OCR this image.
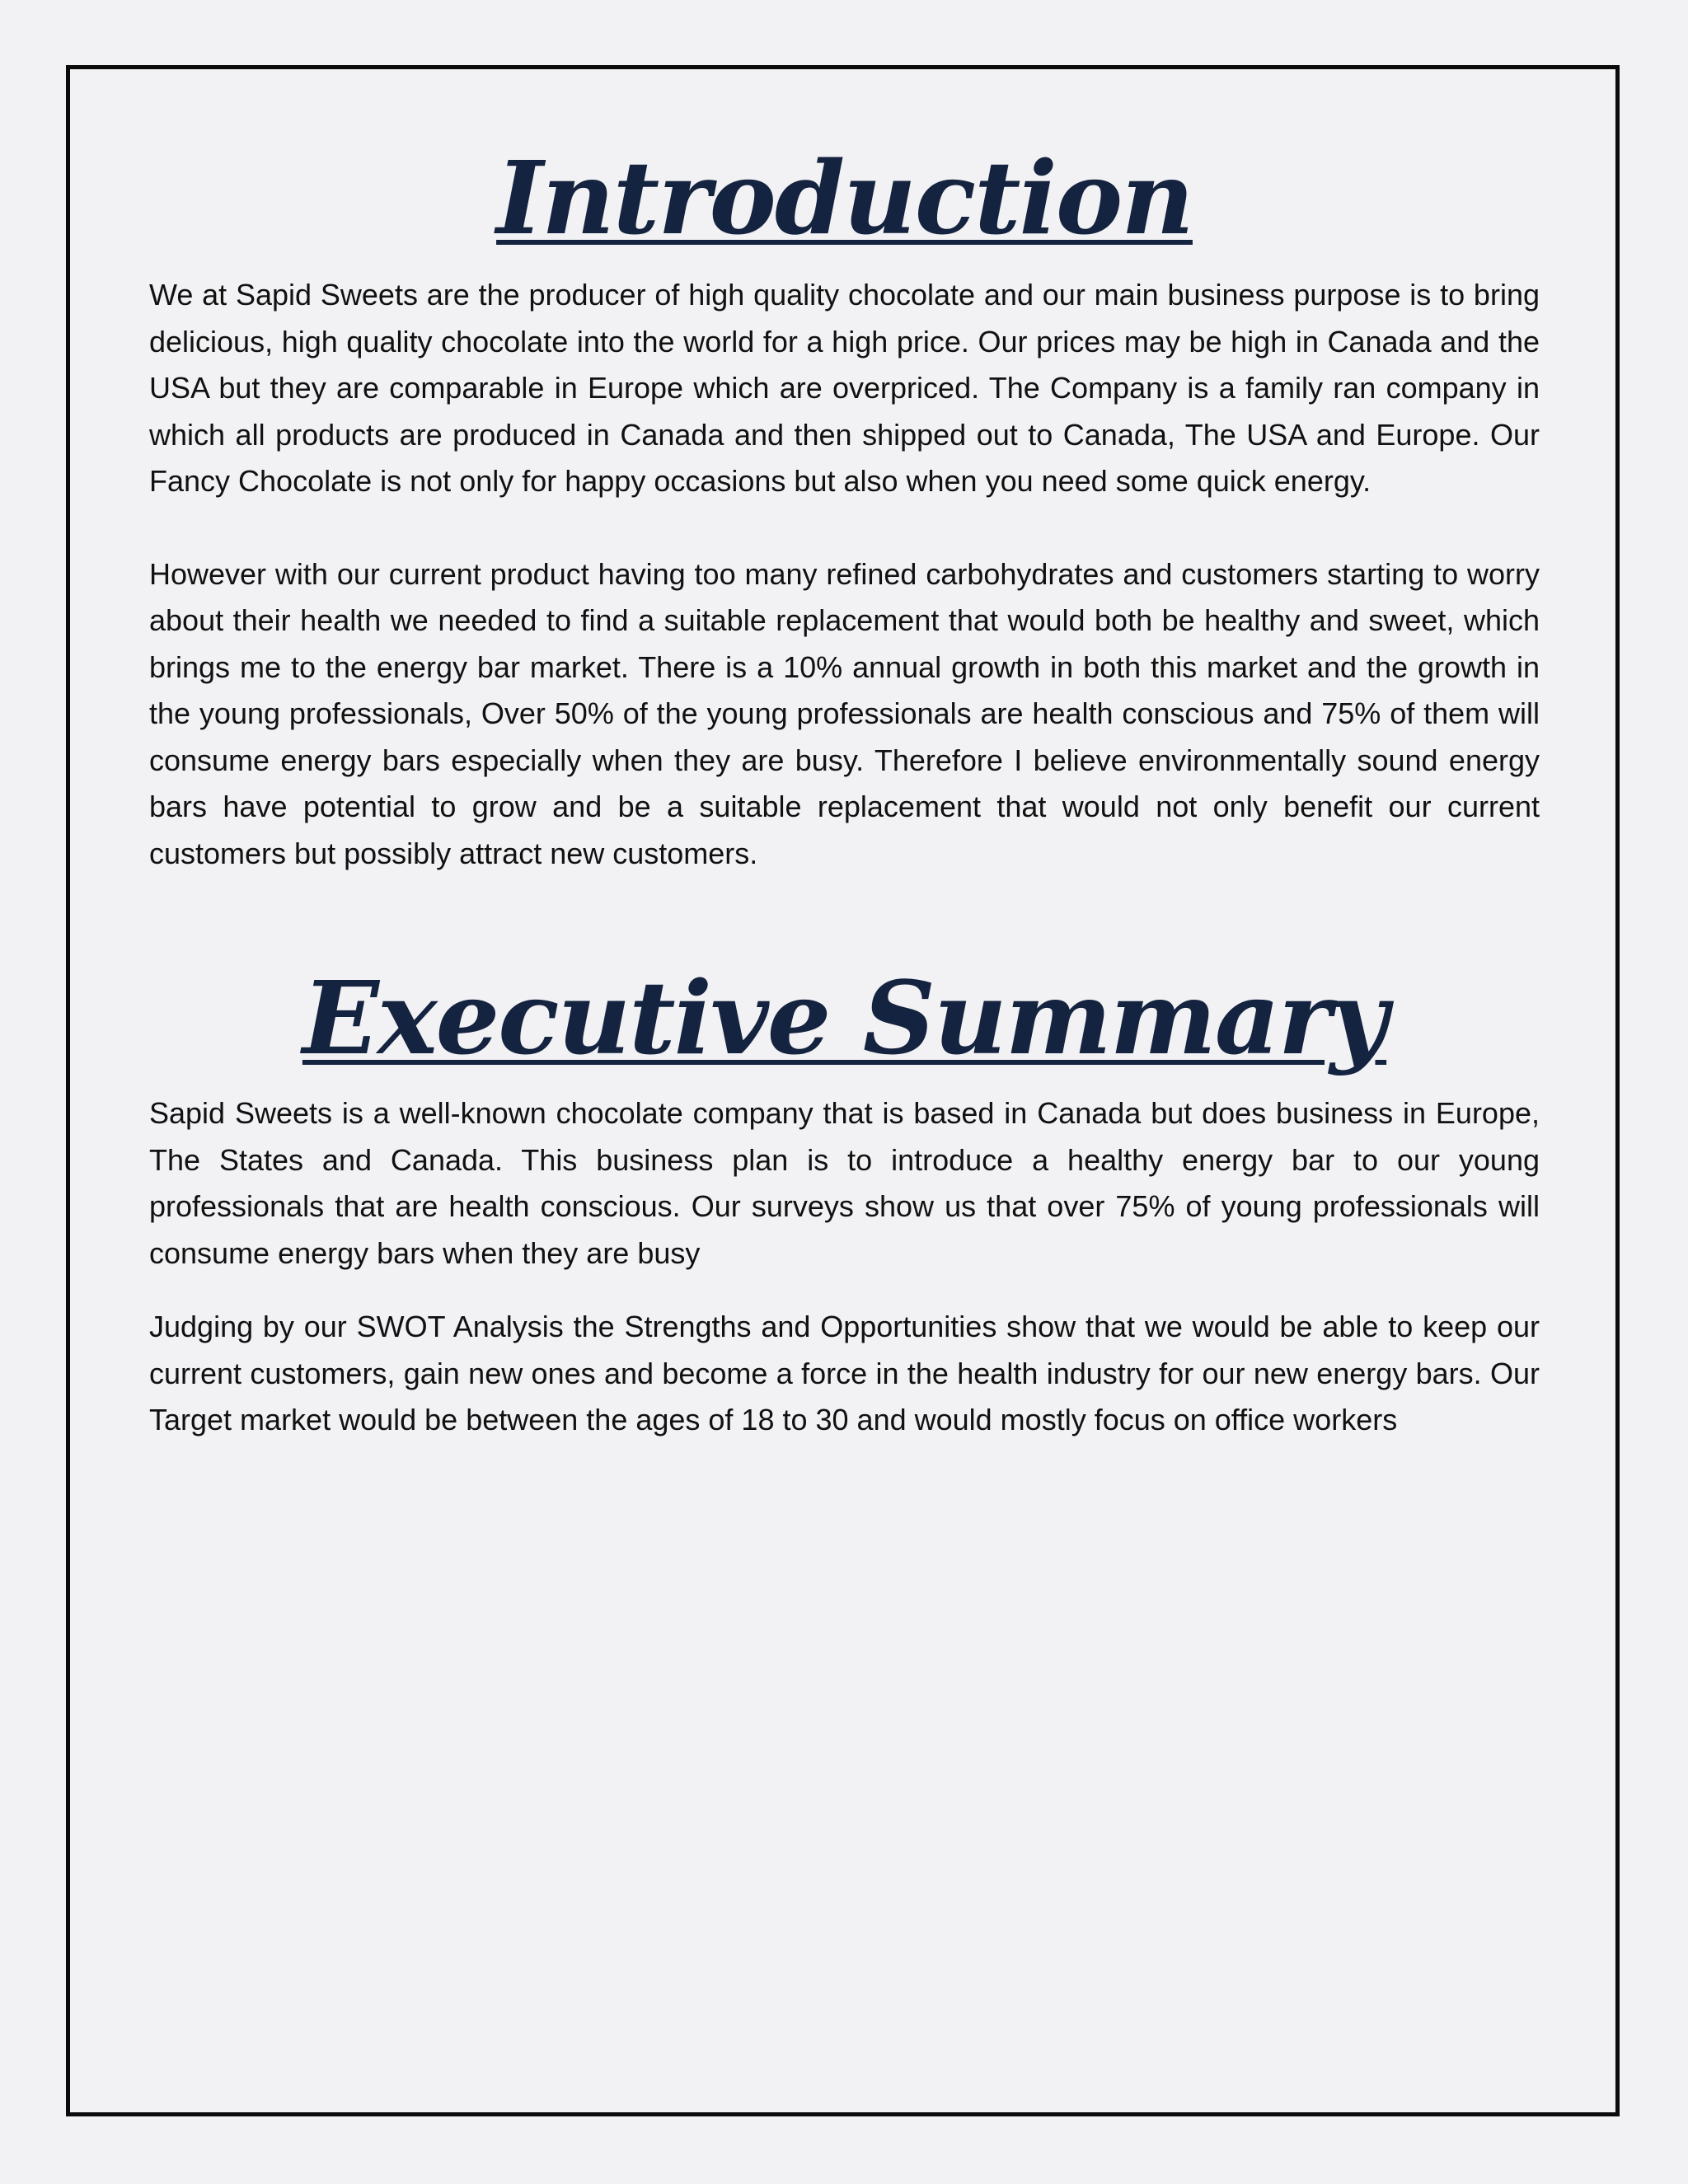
Introduction

We at Sapid Sweets are the producer of high quality chocolate and our main business purpose is to bring delicious, high quality chocolate into the world for a high price. Our prices may be high in Canada and the USA but they are comparable in Europe which are overpriced. The Company is a family ran company in which all products are produced in Canada and then shipped out to Canada, The USA and Europe. Our Fancy Chocolate is not only for happy occasions but also when you need some quick energy.

However with our current product having too many refined carbohydrates and customers starting to worry about their health we needed to find a suitable replacement that would both be healthy and sweet, which brings me to the energy bar market. There is a 10% annual growth in both this market and the growth in the young professionals, Over 50% of the young professionals are health conscious and 75% of them will consume energy bars especially when they are busy. Therefore I believe environmentally sound energy bars have potential to grow and be a suitable replacement that would not only benefit our current customers but possibly attract new customers.

Executive Summary

Sapid Sweets is a well-known chocolate company that is based in Canada but does business in Europe, The States and Canada. This business plan is to introduce a healthy energy bar to our young professionals that are health conscious. Our surveys show us that over 75% of young professionals will consume energy bars when they are busy

Judging by our SWOT Analysis the Strengths and Opportunities show that we would be able to keep our current customers, gain new ones and become a force in the health industry for our new energy bars. Our Target market would be between the ages of 18 to 30 and would mostly focus on office workers
